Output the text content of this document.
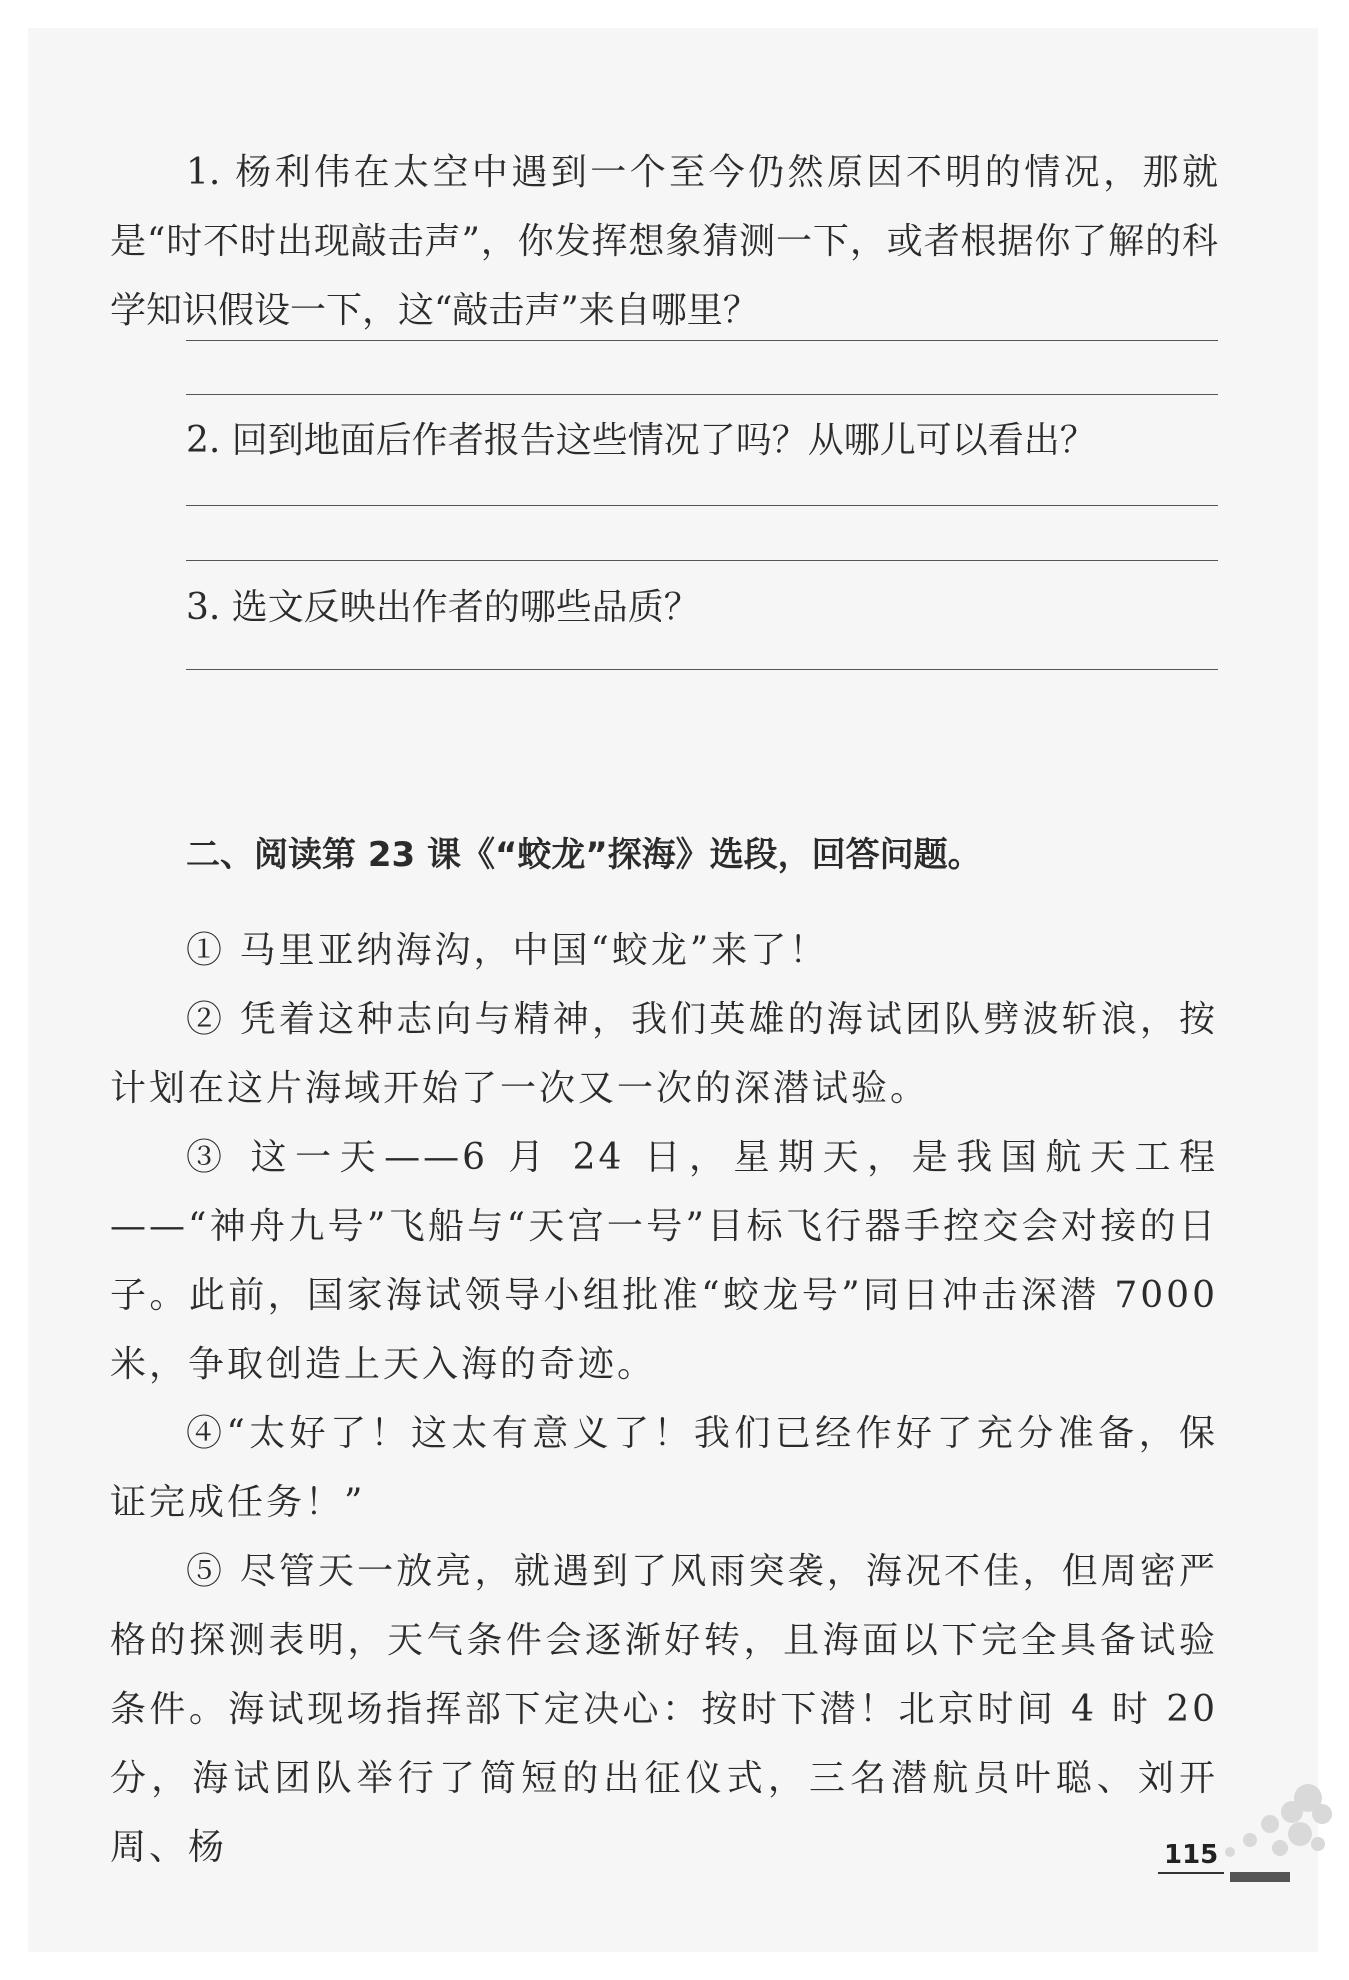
1. 杨利伟在太空中遇到一个至今仍然原因不明的情况，那就是“时不时出现敲击声”，你发挥想象猜测一下，或者根据你了解的科学知识假设一下，这“敲击声”来自哪里？

2. 回到地面后作者报告这些情况了吗？从哪儿可以看出？

3. 选文反映出作者的哪些品质？

二、阅读第 23 课《“蛟龙”探海》选段，回答问题。

① 马里亚纳海沟，中国“蛟龙”来了！

② 凭着这种志向与精神，我们英雄的海试团队劈波斩浪，按计划在这片海域开始了一次又一次的深潜试验。

③ 这一天——6 月 24 日，星期天，是我国航天工程——“神舟九号”飞船与“天宫一号”目标飞行器手控交会对接的日子。此前，国家海试领导小组批准“蛟龙号”同日冲击深潜 7000 米，争取创造上天入海的奇迹。

④“太好了！这太有意义了！我们已经作好了充分准备，保证完成任务！”

⑤ 尽管天一放亮，就遇到了风雨突袭，海况不佳，但周密严格的探测表明，天气条件会逐渐好转，且海面以下完全具备试验条件。海试现场指挥部下定决心：按时下潜！北京时间 4 时 20 分，海试团队举行了简短的出征仪式，三名潜航员叶聪、刘开周、杨	115
